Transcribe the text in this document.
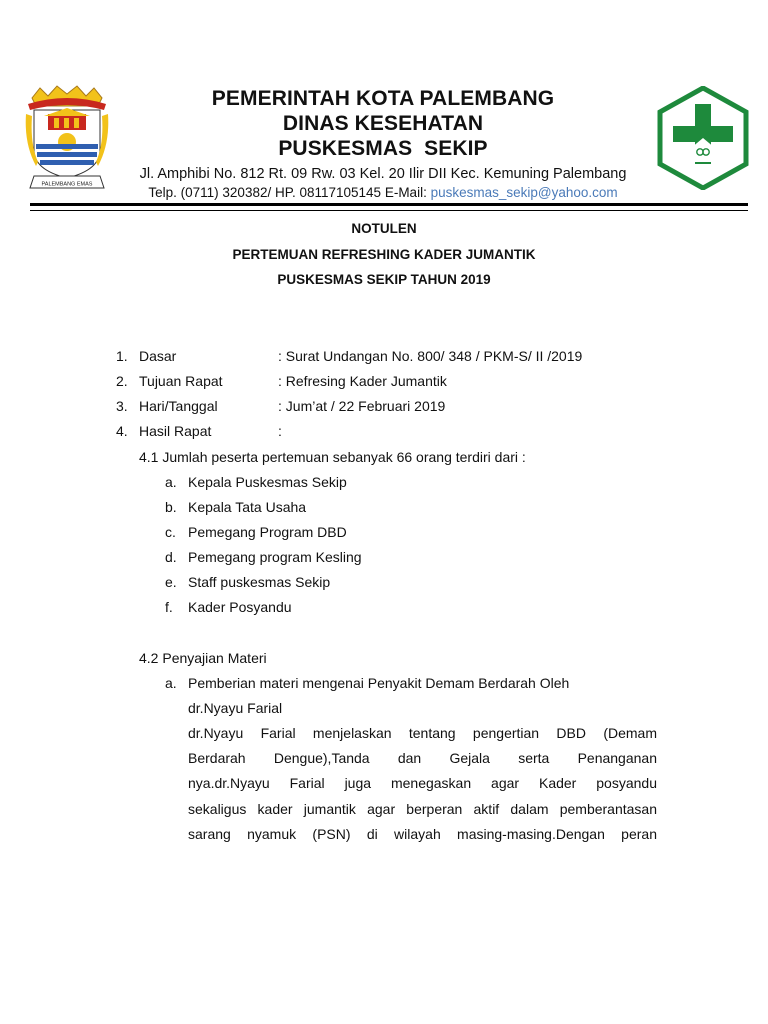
PALEMBANG EMAS
PEMERINTAH KOTA PALEMBANG
DINAS KESEHATAN
PUSKESMAS  SEKIP
Jl. Amphibi No. 812 Rt. 09 Rw. 03 Kel. 20 Ilir DII Kec. Kemuning Palembang
Telp. (0711) 320382/ HP. 08117105145 E-Mail: puskesmas_sekip@yahoo.com
NOTULEN
PERTEMUAN REFRESHING KADER JUMANTIK
PUSKESMAS SEKIP TAHUN 2019
1. Dasar	: Surat Undangan No. 800/ 348 / PKM-S/ II /2019
2. Tujuan Rapat	: Refresing Kader Jumantik
3. Hari/Tanggal	: Jum’at / 22 Februari 2019
4. Hasil Rapat	:
4.1 Jumlah peserta pertemuan sebanyak 66 orang terdiri dari :
a. Kepala Puskesmas Sekip
b. Kepala Tata Usaha
c. Pemegang Program DBD
d. Pemegang program Kesling
e. Staff puskesmas Sekip
f. Kader Posyandu
4.2 Penyajian Materi
a. Pemberian materi mengenai Penyakit Demam Berdarah Oleh
dr.Nyayu Farial
dr.Nyayu Farial menjelaskan tentang pengertian DBD (Demam
Berdarah Dengue),Tanda dan Gejala serta Penanganan
nya.dr.Nyayu Farial juga menegaskan agar Kader posyandu
sekaligus kader jumantik agar berperan aktif dalam pemberantasan
sarang nyamuk (PSN) di wilayah masing-masing.Dengan peran
